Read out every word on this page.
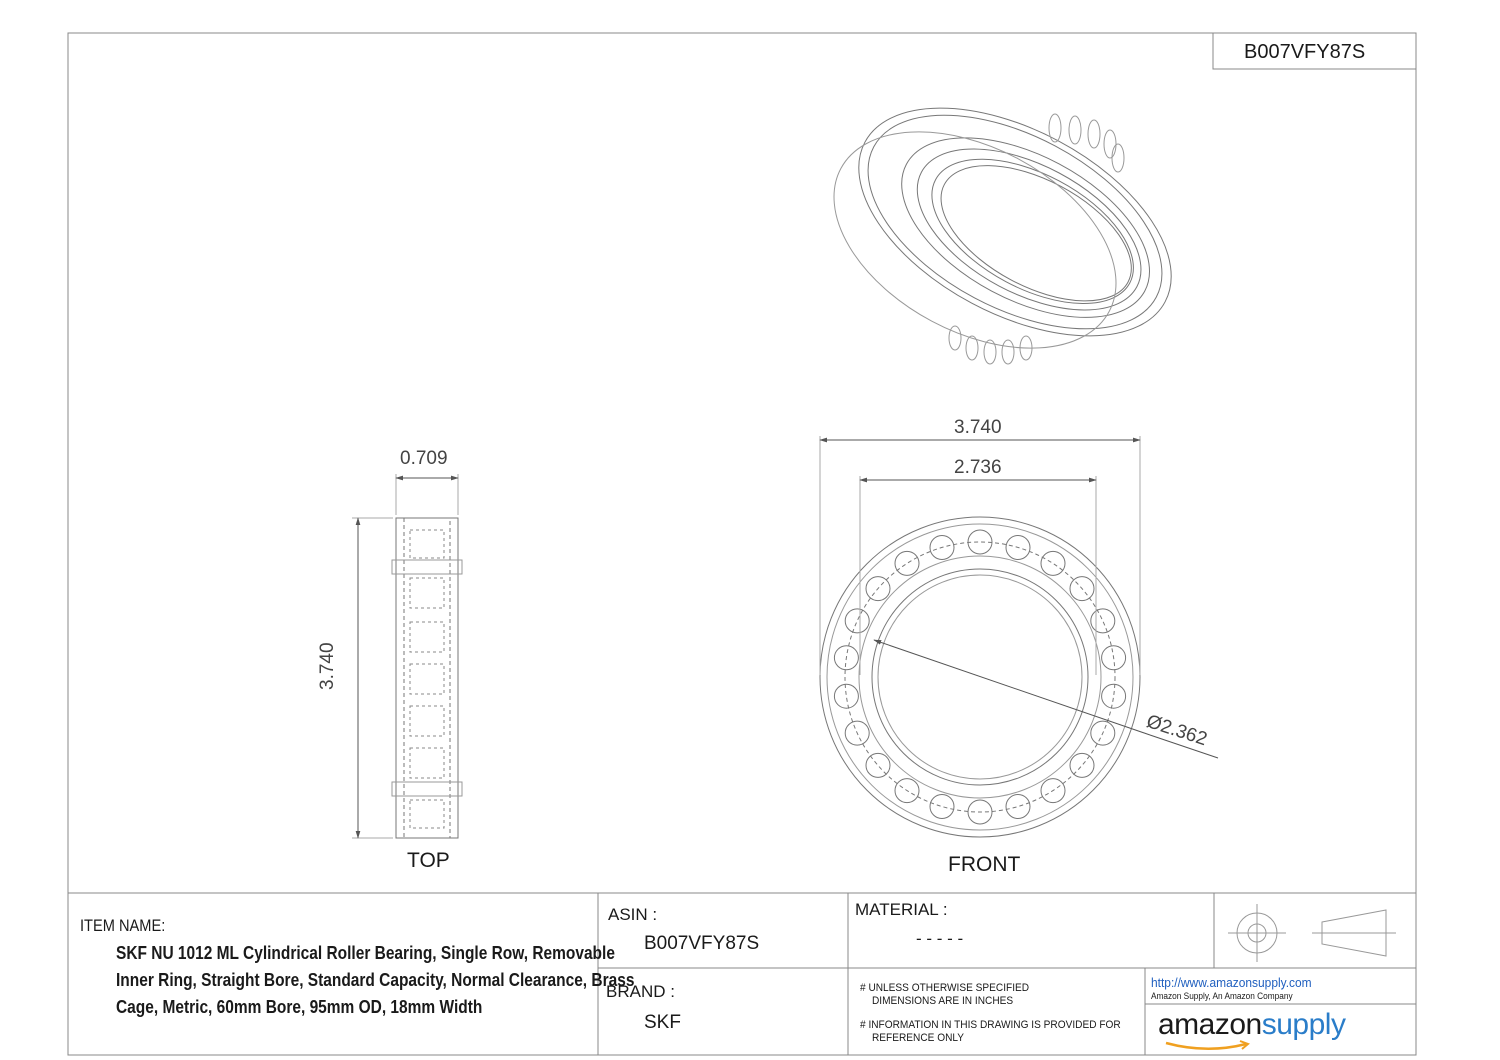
B007VFY87S
0.709
3.740
TOP
3.740
2.736
Ø2.362
FRONT
ITEM NAME:
SKF NU 1012 ML Cylindrical Roller Bearing, Single Row, Removable
Inner Ring, Straight Bore, Standard Capacity, Normal Clearance, Brass
Cage, Metric, 60mm Bore, 95mm OD, 18mm Width
ASIN :
B007VFY87S
BRAND :
SKF
MATERIAL :
- - - - -
# UNLESS OTHERWISE SPECIFIED
DIMENSIONS ARE IN INCHES
# INFORMATION IN THIS DRAWING IS PROVIDED FOR
REFERENCE ONLY
http://www.amazonsupply.com
Amazon Supply, An Amazon Company
amazonsupply
